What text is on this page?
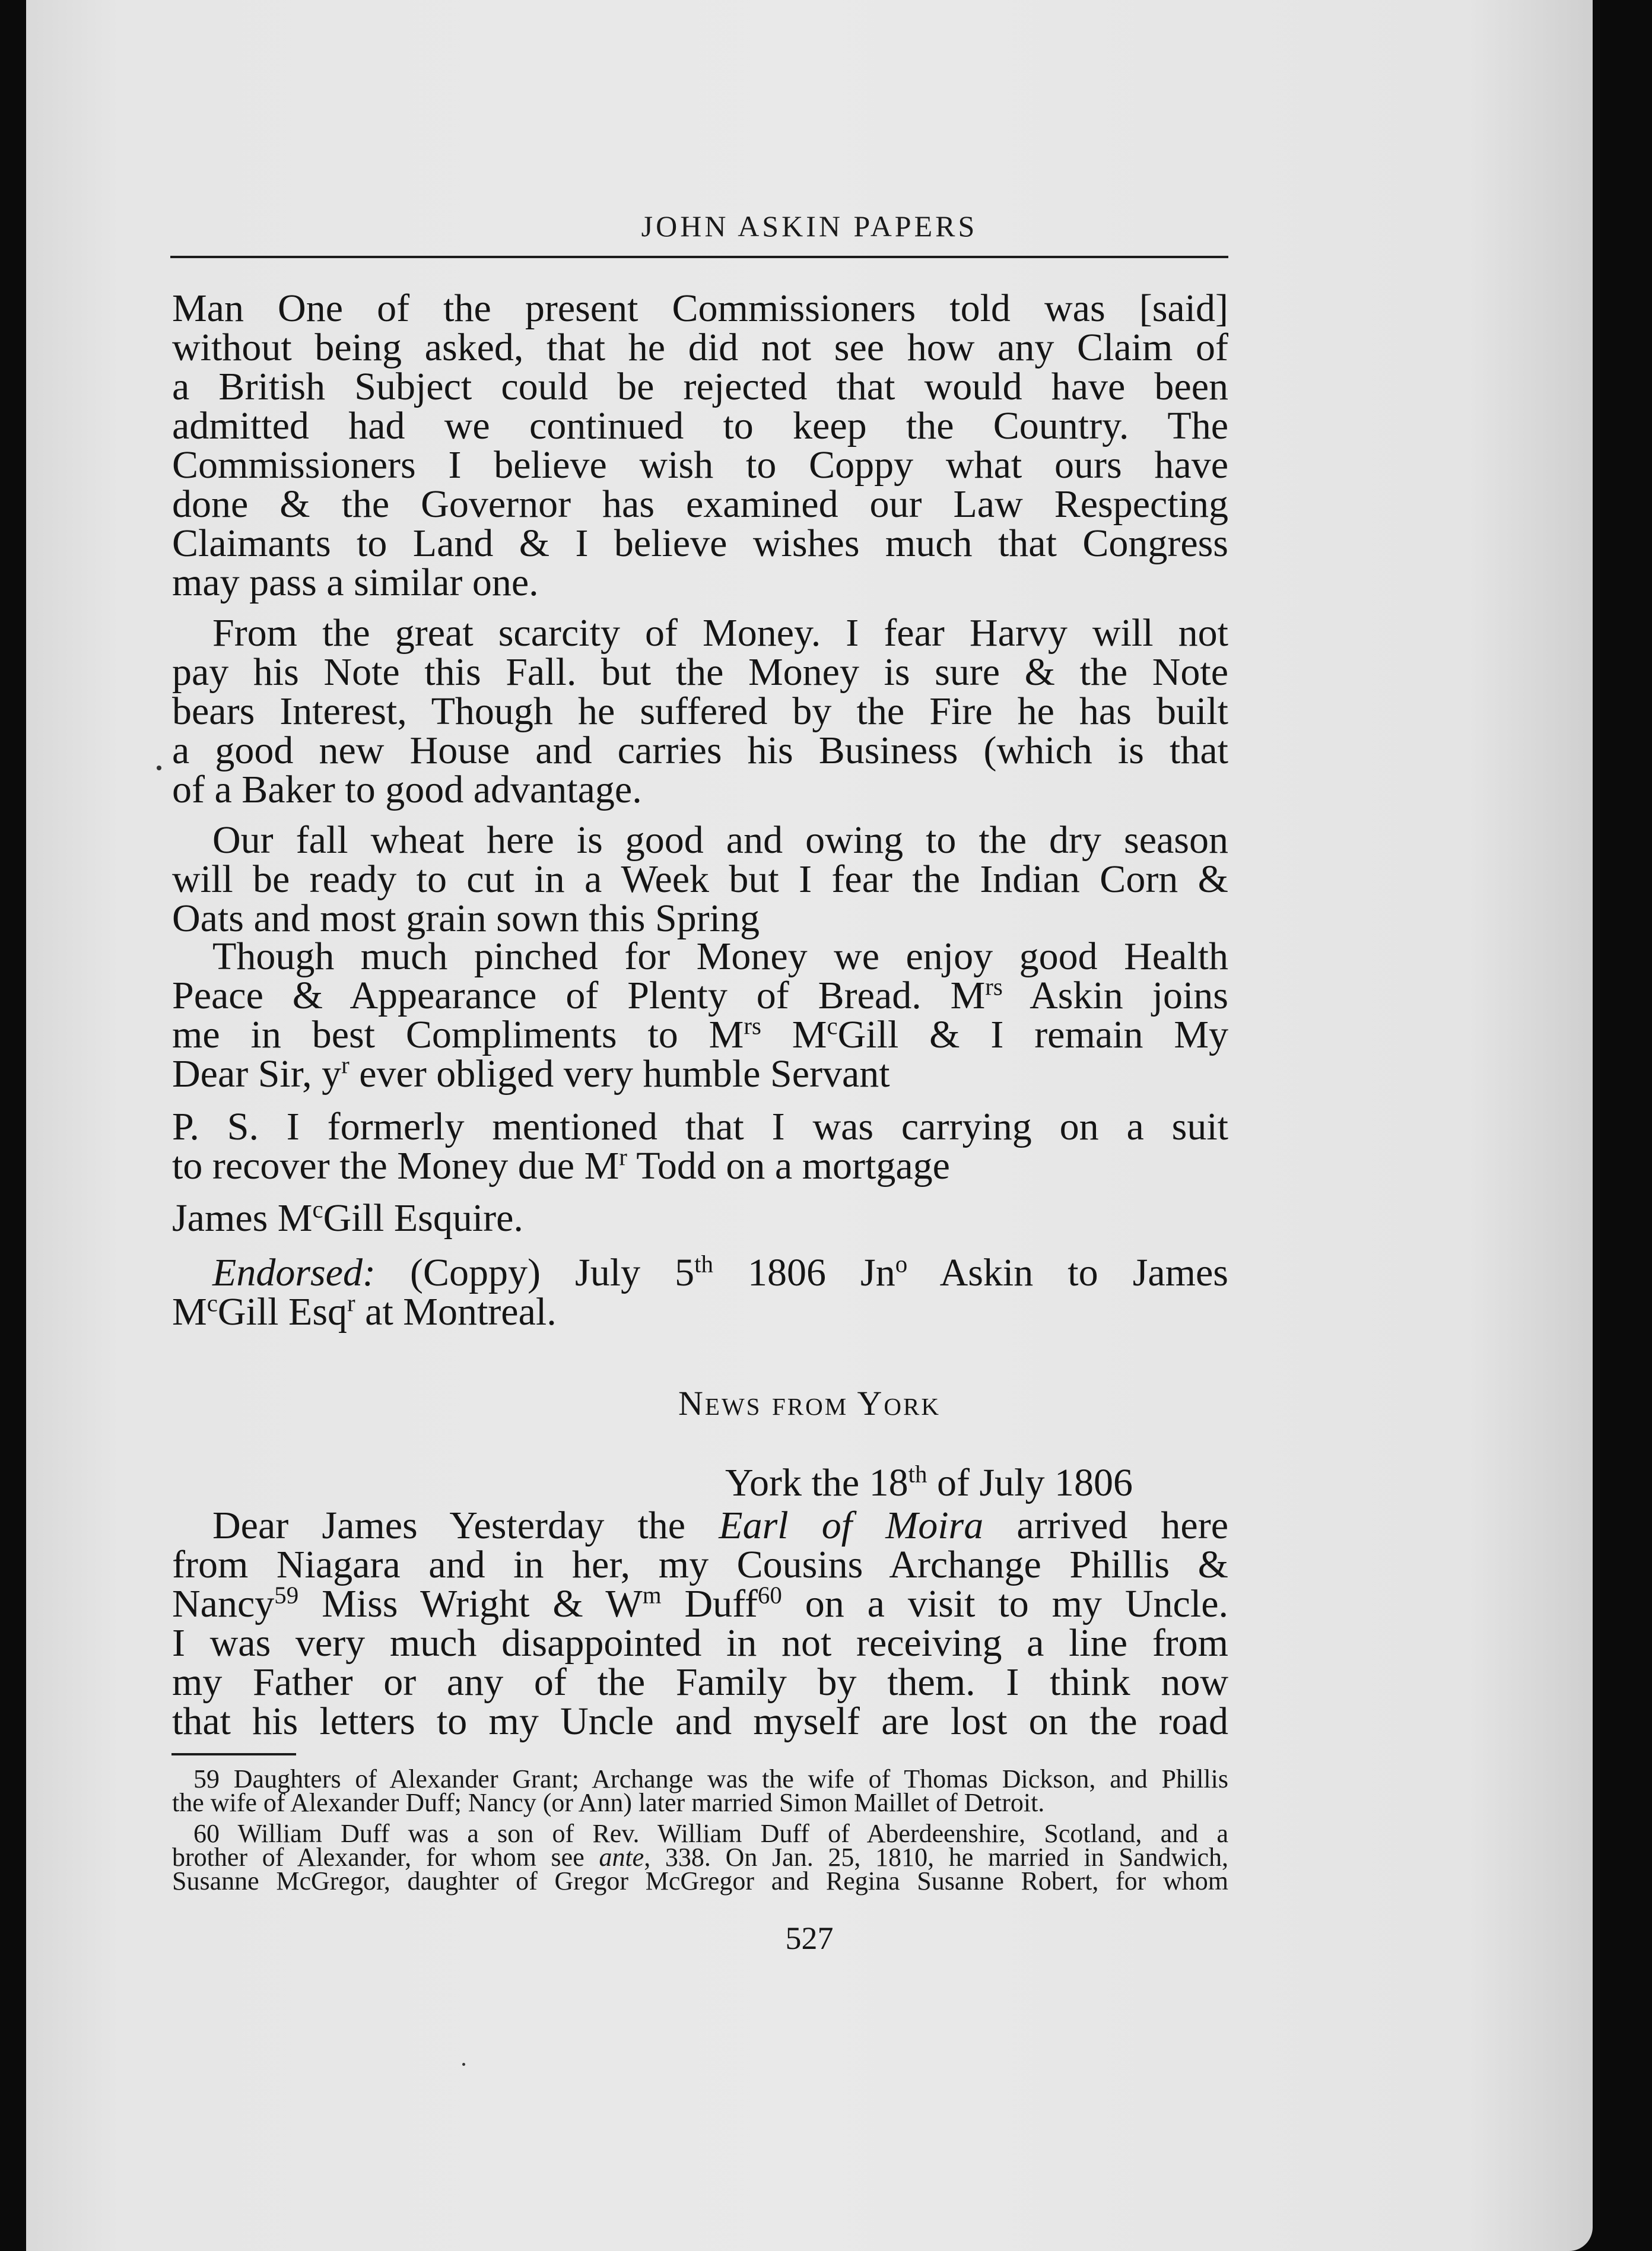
JOHN ASKIN PAPERS
Man One of the present Commissioners told was [said]
without being asked, that he did not see how any Claim of
a British Subject could be rejected that would have been
admitted had we continued to keep the Country. The
Commissioners I believe wish to Coppy what ours have
done & the Governor has examined our Law Respecting
Claimants to Land & I believe wishes much that Congress
may pass a similar one.
From the great scarcity of Money. I fear Harvy will not
pay his Note this Fall. but the Money is sure & the Note
bears Interest, Though he suffered by the Fire he has built
a good new House and carries his Business (which is that
of a Baker to good advantage.
Our fall wheat here is good and owing to the dry season
will be ready to cut in a Week but I fear the Indian Corn &
Oats and most grain sown this Spring
Though much pinched for Money we enjoy good Health
Peace & Appearance of Plenty of Bread. $M^{rs}$ Askin joins
me in best Compliments to $M^{rs}$ $M^cGill$ & I remain My
Dear Sir, $y^r$ ever obliged very humble Servant
P. S. I formerly mentioned that I was carrying on a suit
to recover the Money due $M^r$ Todd on a mortgage
James $M^cGill$ Esquire.
Endorsed: (Coppy) July 5th 1806 Jn$^o$ Askin to James
$M^cGill$ Esq$^r$ at Montreal.
News from York
York the 18th of July 1806
Dear James Yesterday the Earl of Moira arrived here
from Niagara and in her, my Cousins Archange Phillis &
Nancy$^{59}$ Miss Wright & $W^m$ Duff$^{60}$ on a visit to my Uncle.
I was very much disappointed in not receiving a line from
my Father or any of the Family by them. I think now
that his letters to my Uncle and myself are lost on the road
59 Daughters of Alexander Grant; Archange was the wife of Thomas Dickson, and Phillis
the wife of Alexander Duff; Nancy (or Ann) later married Simon Maillet of Detroit.
60 William Duff was a son of Rev. William Duff of Aberdeenshire, Scotland, and a
brother of Alexander, for whom see ante, 338. On Jan. 25, 1810, he married in Sandwich,
Susanne McGregor, daughter of Gregor McGregor and Regina Susanne Robert, for whom
527
